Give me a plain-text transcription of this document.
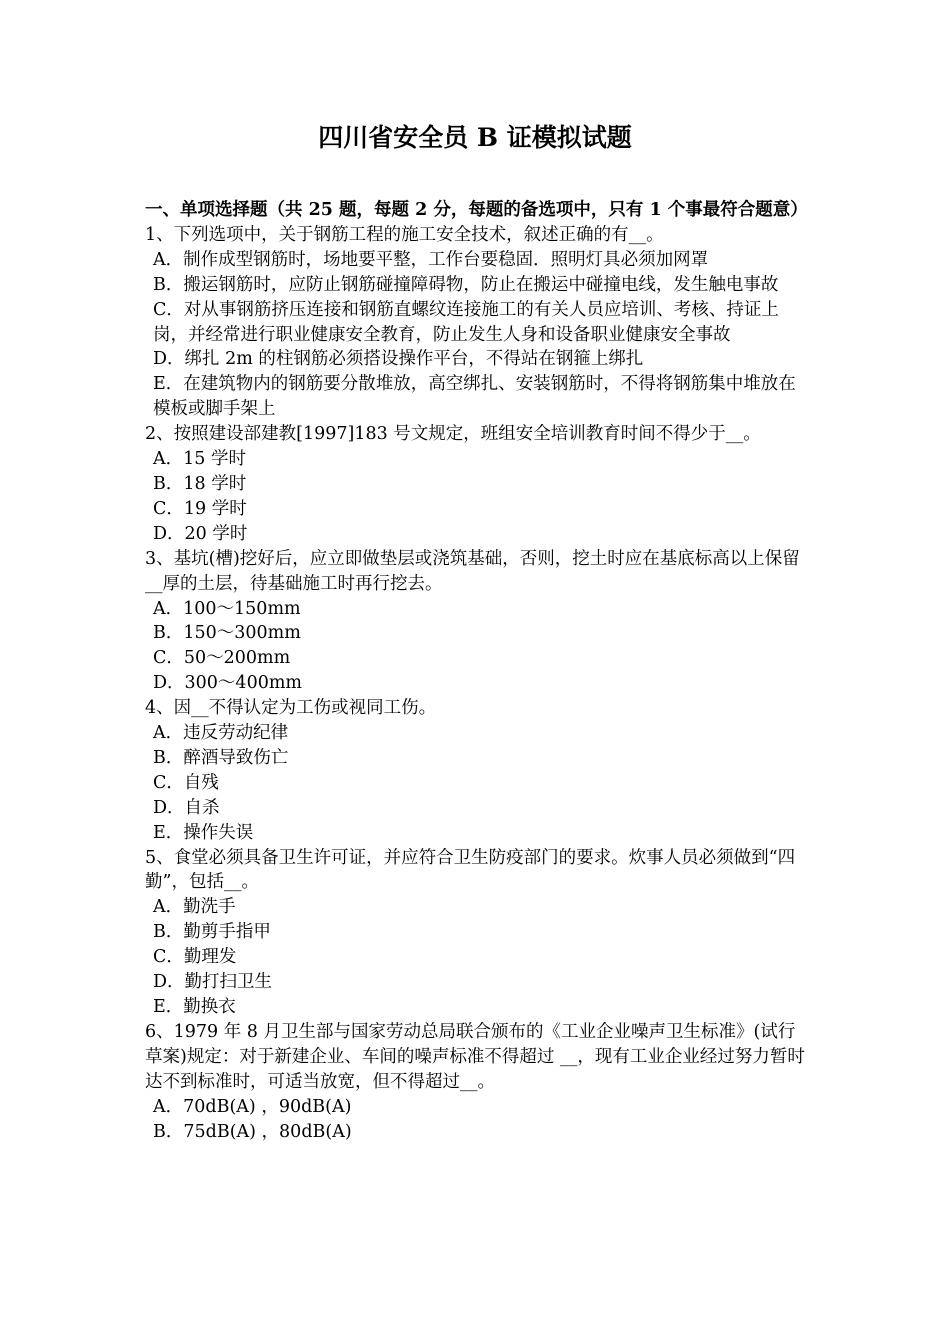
四川省安全员 B 证模拟试题
一、单项选择题（共 25 题，每题 2 分，每题的备选项中，只有 1 个事最符合题意）
1、下列选项中，关于钢筋工程的施工安全技术，叙述正确的有__。
A．制作成型钢筋时，场地要平整，工作台要稳固．照明灯具必须加网罩
B．搬运钢筋时，应防止钢筋碰撞障碍物，防止在搬运中碰撞电线，发生触电事故
C．对从事钢筋挤压连接和钢筋直螺纹连接施工的有关人员应培训、考核、持证上岗，并经常进行职业健康安全教育，防止发生人身和设备职业健康安全事故
D．绑扎 2m 的柱钢筋必须搭设操作平台，不得站在钢箍上绑扎
E．在建筑物内的钢筋要分散堆放，高空绑扎、安装钢筋时，不得将钢筋集中堆放在模板或脚手架上
2、按照建设部建教[1997]183 号文规定，班组安全培训教育时间不得少于__。
A．15 学时
B．18 学时
C．19 学时
D．20 学时
3、基坑(槽)挖好后，应立即做垫层或浇筑基础，否则，挖土时应在基底标高以上保留__厚的土层，待基础施工时再行挖去。
A．100～150mm
B．150～300mm
C．50～200mm
D．300～400mm
4、因__不得认定为工伤或视同工伤。
A．违反劳动纪律
B．醉酒导致伤亡
C．自残
D．自杀
E．操作失误
5、食堂必须具备卫生许可证，并应符合卫生防疫部门的要求。炊事人员必须做到“四勤”，包括__。
A．勤洗手
B．勤剪手指甲
C．勤理发
D．勤打扫卫生
E．勤换衣
6、1979 年 8 月卫生部与国家劳动总局联合颁布的《工业企业噪声卫生标准》(试行草案)规定：对于新建企业、车间的噪声标准不得超过 __，现有工业企业经过努力暂时达不到标准时，可适当放宽，但不得超过__。
A．70dB(A) ，90dB(A)
B．75dB(A) ，80dB(A)
